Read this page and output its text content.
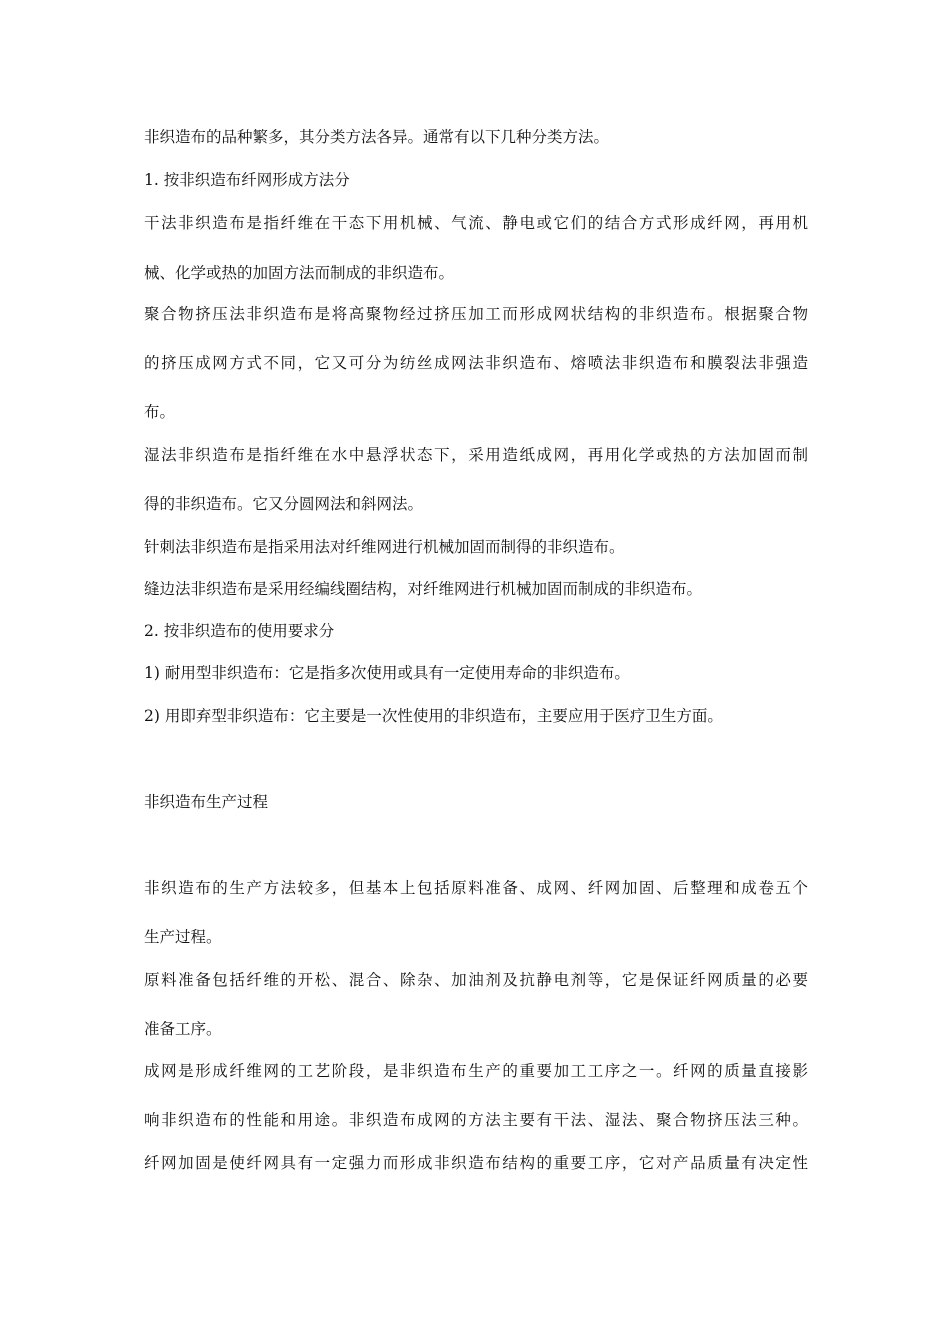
非织造布的品种繁多，其分类方法各异。通常有以下几种分类方法。

1. 按非织造布纤网形成方法分

干法非织造布是指纤维在干态下用机械、气流、静电或它们的结合方式形成纤网，再用机

械、化学或热的加固方法而制成的非织造布。

聚合物挤压法非织造布是将高聚物经过挤压加工而形成网状结构的非织造布。根据聚合物

的挤压成网方式不同，它又可分为纺丝成网法非织造布、熔喷法非织造布和膜裂法非强造

布。

湿法非织造布是指纤维在水中悬浮状态下，采用造纸成网，再用化学或热的方法加固而制

得的非织造布。它又分圆网法和斜网法。

针刺法非织造布是指采用法对纤维网进行机械加固而制得的非织造布。

缝边法非织造布是采用经编线圈结构，对纤维网进行机械加固而制成的非织造布。

2. 按非织造布的使用要求分

1) 耐用型非织造布：它是指多次使用或具有一定使用寿命的非织造布。

2) 用即弃型非织造布：它主要是一次性使用的非织造布，主要应用于医疗卫生方面。

非织造布生产过程

非织造布的生产方法较多，但基本上包括原料准备、成网、纤网加固、后整理和成卷五个

生产过程。

原料准备包括纤维的开松、混合、除杂、加油剂及抗静电剂等，它是保证纤网质量的必要

准备工序。

成网是形成纤维网的工艺阶段，是非织造布生产的重要加工工序之一。纤网的质量直接影

响非织造布的性能和用途。非织造布成网的方法主要有干法、湿法、聚合物挤压法三种。

纤网加固是使纤网具有一定强力而形成非织造布结构的重要工序，它对产品质量有决定性
